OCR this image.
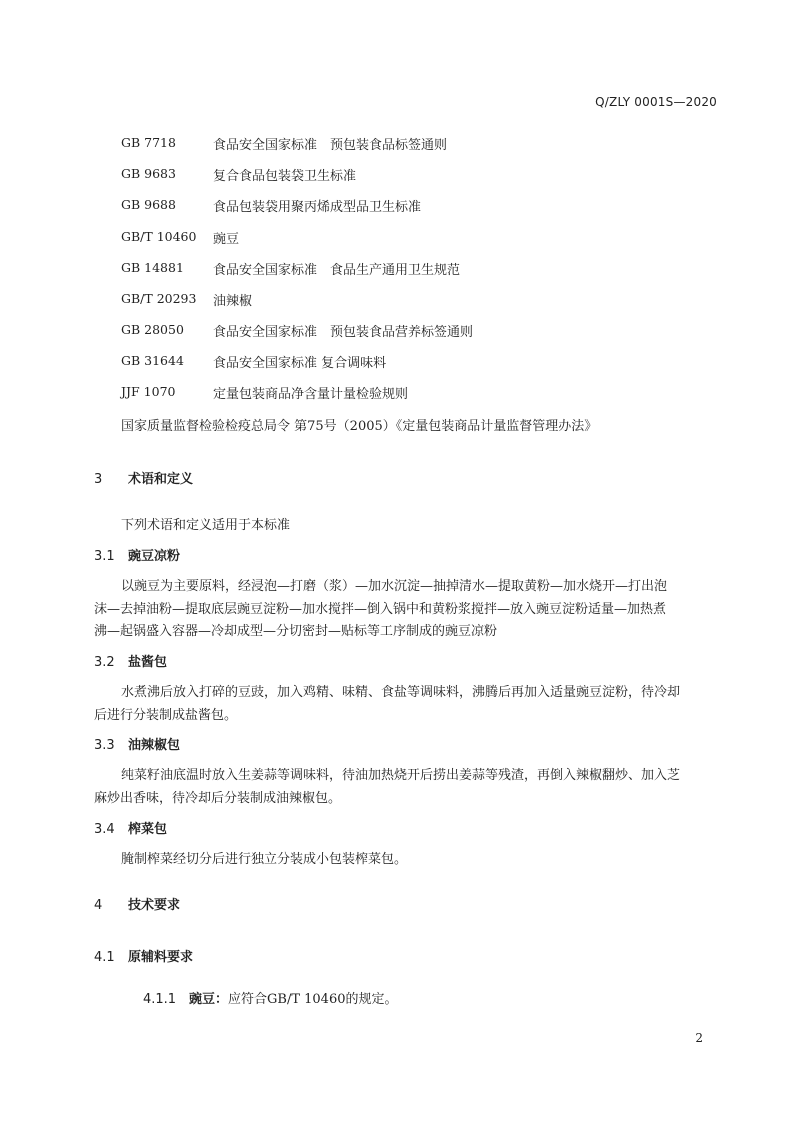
Q/ZLY 0001S—2020
GB 7718	食品安全国家标准　预包装食品标签通则
GB 9683	复合食品包装袋卫生标准
GB 9688	食品包装袋用聚丙烯成型品卫生标准
GB/T 10460 豌豆
GB 14881 食品安全国家标准　食品生产通用卫生规范
GB/T 20293 油辣椒
GB 28050 食品安全国家标准　预包装食品营养标签通则
GB 31644 食品安全国家标准 复合调味料
JJF 1070	定量包装商品净含量计量检验规则
国家质量监督检验检疫总局令 第75号（2005）《定量包装商品计量监督管理办法》
3 术语和定义
下列术语和定义适用于本标准
3.1 豌豆凉粉
以豌豆为主要原料，经浸泡—打磨（浆）—加水沉淀—抽掉清水—提取黄粉—加水烧开—打出泡
沫—去掉油粉—提取底层豌豆淀粉—加水搅拌—倒入锅中和黄粉浆搅拌—放入豌豆淀粉适量—加热煮
沸—起锅盛入容器—冷却成型—分切密封—贴标等工序制成的豌豆凉粉
3.2 盐酱包
水煮沸后放入打碎的豆豉，加入鸡精、味精、食盐等调味料，沸腾后再加入适量豌豆淀粉，待冷却
后进行分装制成盐酱包。
3.3 油辣椒包
纯菜籽油底温时放入生姜蒜等调味料，待油加热烧开后捞出姜蒜等残渣，再倒入辣椒翻炒、加入芝
麻炒出香味，待冷却后分装制成油辣椒包。
3.4 榨菜包
腌制榨菜经切分后进行独立分装成小包装榨菜包。
4 技术要求
4.1 原辅料要求
4.1.1 豌豆：应符合GB/T 10460的规定。
2
